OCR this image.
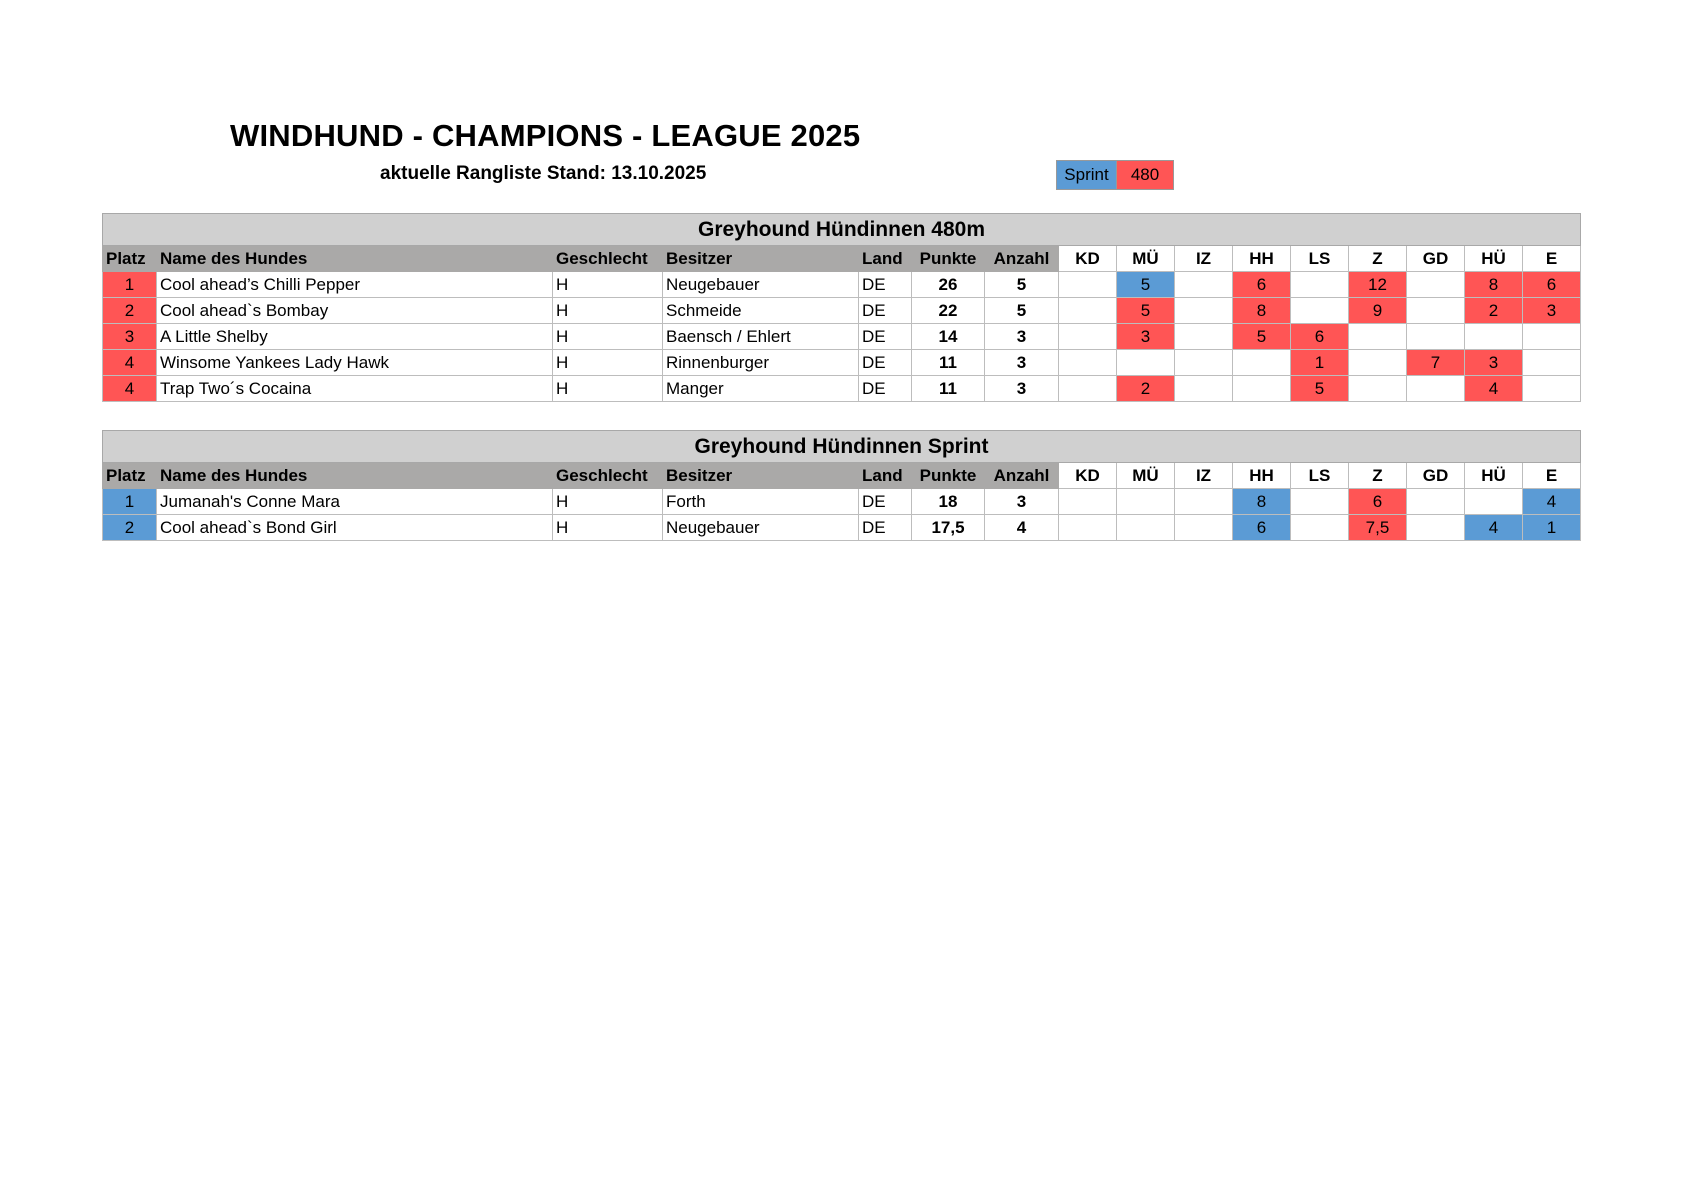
WINDHUND - CHAMPIONS - LEAGUE 2025
aktuelle Rangliste Stand: 13.10.2025	Sprint	480
Greyhound Hündinnen 480m															
Platz	Name des Hundes	Geschlecht	Besitzer	Land	Punkte	Anzahl	KD	MÜ	IZ	HH	LS	Z	GD	HÜ	E
1	Cool ahead’s Chilli Pepper	H	Neugebauer	DE	26	5		5		6		12		8	6
2	Cool ahead`s Bombay	H	Schmeide	DE	22	5		5		8		9		2	3
3	A Little Shelby	H	Baensch / Ehlert	DE	14	3		3		5	6				
4	Winsome Yankees Lady Hawk	H	Rinnenburger	DE	11	3					1		7	3	
4	Trap Two´s Cocaina	H	Manger	DE	11	3		2			5			4	
Greyhound Hündinnen Sprint															
Platz	Name des Hundes	Geschlecht	Besitzer	Land	Punkte	Anzahl	KD	MÜ	IZ	HH	LS	Z	GD	HÜ	E
1	Jumanah's Conne Mara	H	Forth	DE	18	3				8		6			4
2	Cool ahead`s Bond Girl	H	Neugebauer	DE	17,5	4				6		7,5		4	1
